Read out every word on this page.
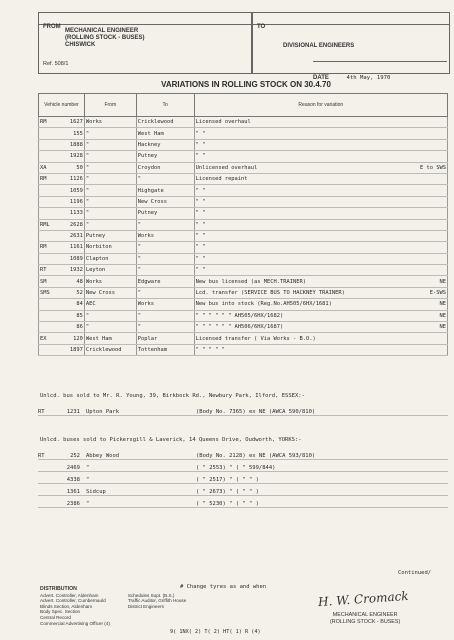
FROM
MECHANICAL ENGINEER
(ROLLING STOCK - BUSES)
CHISWICK
Ref. 508/1
TO
DIVISIONAL ENGINEERS
DATE	4th May, 1970
VARIATIONS IN ROLLING STOCK ON 30.4.70
Vehicle number	From	To	Reason for variation

RM 1627	Works	Cricklewood	Licensed overhaul

155	"	West Ham	" "

1888	"	Hackney	" "

1928	"	Putney	" "

XA 50	"	Croydon	Unlicensed overhaul E to SWS

RM 1126	"	"	Licensed repaint

1059	"	Highgate	" "

1196	"	New Cross	" "

1133	"	Putney	" "

RML 2628	"	"	" "

2631	Putney	Works	" "

RM 1161	Norbiton	"	" "

1089	Clapton	"	" "

RT 1932	Leyton	"	" "

SM 48	Works	Edgware	New bus licensed (as MECH.TRAINER) NE

SMS 52	New Cross	"	Lcd. transfer (SERVICE BUS TO HACKNEY TRAINER) E-SWS

84	AEC	Works	New bus into stock (Reg.No.AH505/6HX/1681) NE

85	"	"	" " " " " " AH505/6HX/1682) NE

86	"	"	" " " " " " AH506/6HX/1687) NE

EX 120	West Ham	Poplar	Licensed transfer ( Via Works - B.O.)

1897	Cricklewood	Tottenham	" " " " "
Unlcd. bus sold to Mr. R. Young, 39, Birkbock Rd., Newbury Park, Ilford, ESSEX:-
RT	1231 Upton Park	(Body No. 7365) ex NE (AWCA 590/810)
Unlcd. buses sold to Pickersgill & Laverick, 14 Queens Drive, Oudworth, YORKS:-
RT	252 Abbey Wood	(Body No. 2128) ex NE (AWCA 593/810)
2469 "	( " 2553) " ( " 599/844)
4338 "	( " 2517) " ( " " )
1361 Sidcup	( " 2673) " ( " " )
2386 "	( " 5230) " ( " " )
Continued/
# Change tyres as and when
DISTRIBUTION
Advert. Controller, Aldenham
Advert. Controller, Cumbernauld
Blinds Section, Aldenham
Body Spec. Section
Central Record
Commercial Advertising Officer (4)
Schedules Supt. (B.S.)
Traffic Auditor, Griffith House
District Engineers
9( 1NX( 2) T( 2) HT( 1) R (4)
H. W. Cromack
MECHANICAL ENGINEER
(ROLLING STOCK - BUSES)
